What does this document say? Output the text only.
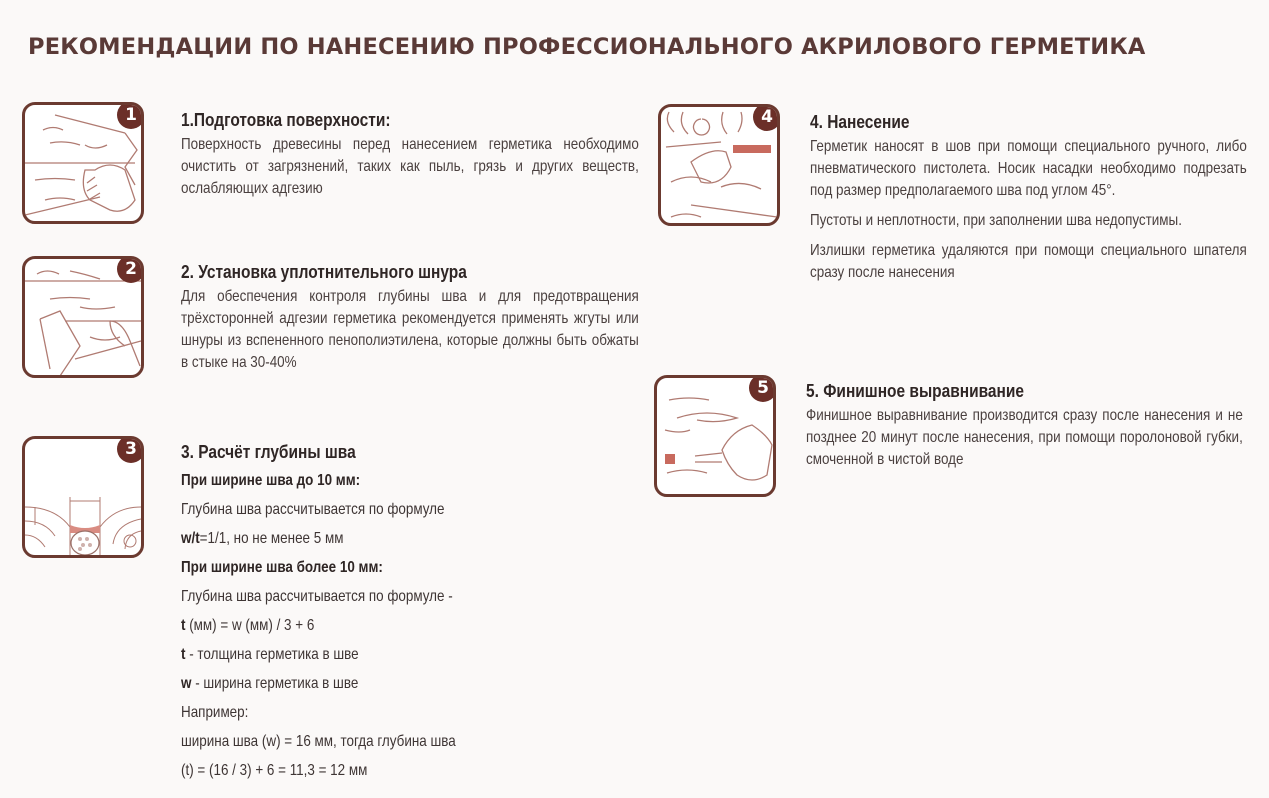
РЕКОМЕНДАЦИИ ПО НАНЕСЕНИЮ ПРОФЕССИОНАЛЬНОГО АКРИЛОВОГО ГЕРМЕТИКА
1	1.Подготовка поверхности:
Поверхность древесины перед нанесением герметика необходимо очистить от загрязнений, таких как пыль, грязь и других веществ, ослабляющих адгезию
2	2. Установка уплотнительного шнура
Для обеспечения контроля глубины шва и для предотвращения трёхсторонней адгезии герметика рекомендуется применять жгуты или шнуры из вспененного пенополиэтилена, которые должны быть обжаты в стыке на 30-40%
3	3. Расчёт глубины шва
При ширине шва до 10 мм:
Глубина шва рассчитывается по формуле
w/t=1/1, но не менее 5 мм
При ширине шва более 10 мм:
Глубина шва рассчитывается по формуле -
t (мм) = w (мм) / 3 + 6
t - толщина герметика в шве
w - ширина герметика в шве
Например:
ширина шва (w) = 16 мм, тогда глубина шва
(t) = (16 / 3) + 6 = 11,3 = 12 мм
4	4. Нанесение
Герметик наносят в шов при помощи специального ручного, либо пневматического пистолета. Носик насадки необходимо подрезать под размер предполагаемого шва под углом 45°.
Пустоты и неплотности, при заполнении шва недопустимы.
Излишки герметика удаляются при помощи специального шпателя сразу после нанесения
5	5. Финишное выравнивание
Финишное выравнивание производится сразу после нанесения и не позднее 20 минут после нанесения, при помощи поролоновой губки, смоченной в чистой воде
